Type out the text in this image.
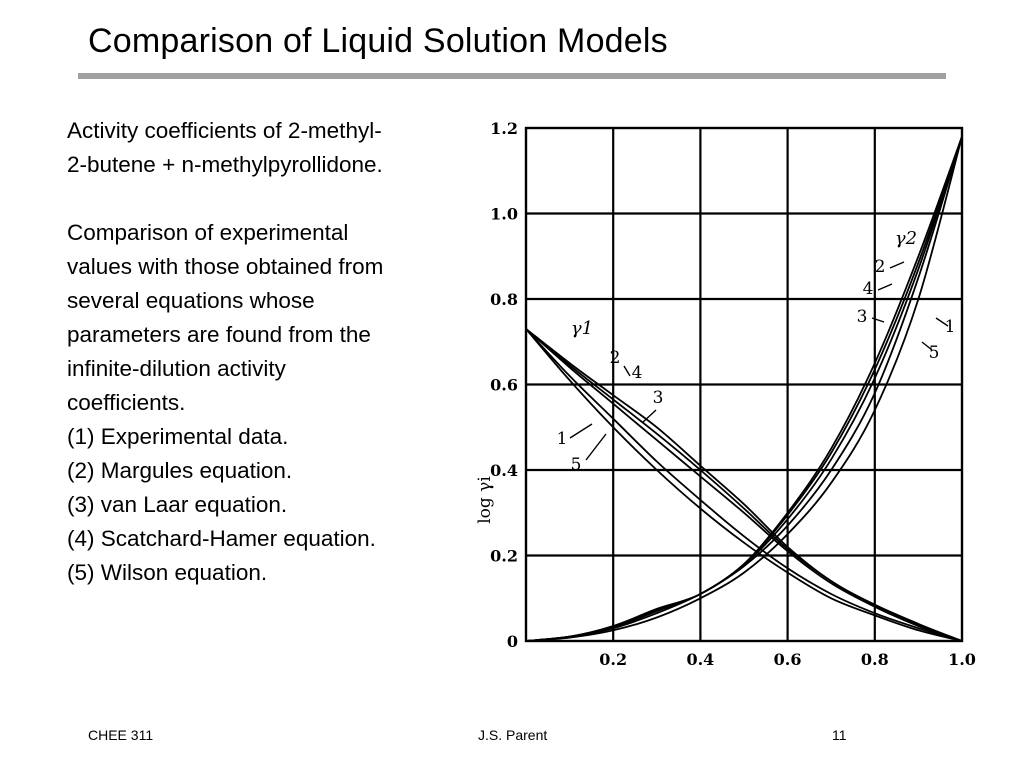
Comparison of Liquid Solution Models

Activity coefficients of 2-methyl-

2-butene + n-methylpyrollidone.

Comparison of experimental

values with those obtained from

several equations whose

parameters are found from the

infinite-dilution activity

coefficients.

(1) Experimental data.

(2) Margules equation.

(3) van Laar equation.

(4) Scatchard-Hamer equation.

(5) Wilson equation.

0.2	0.4	0.6	0.8	1.0
0
0.2
0.4
0.6
0.8
1.0
1.2
1
2
3
4
5
1
2
3
4
5
γ1
γ2
log γi
CHEE 311	J.S. Parent	11
